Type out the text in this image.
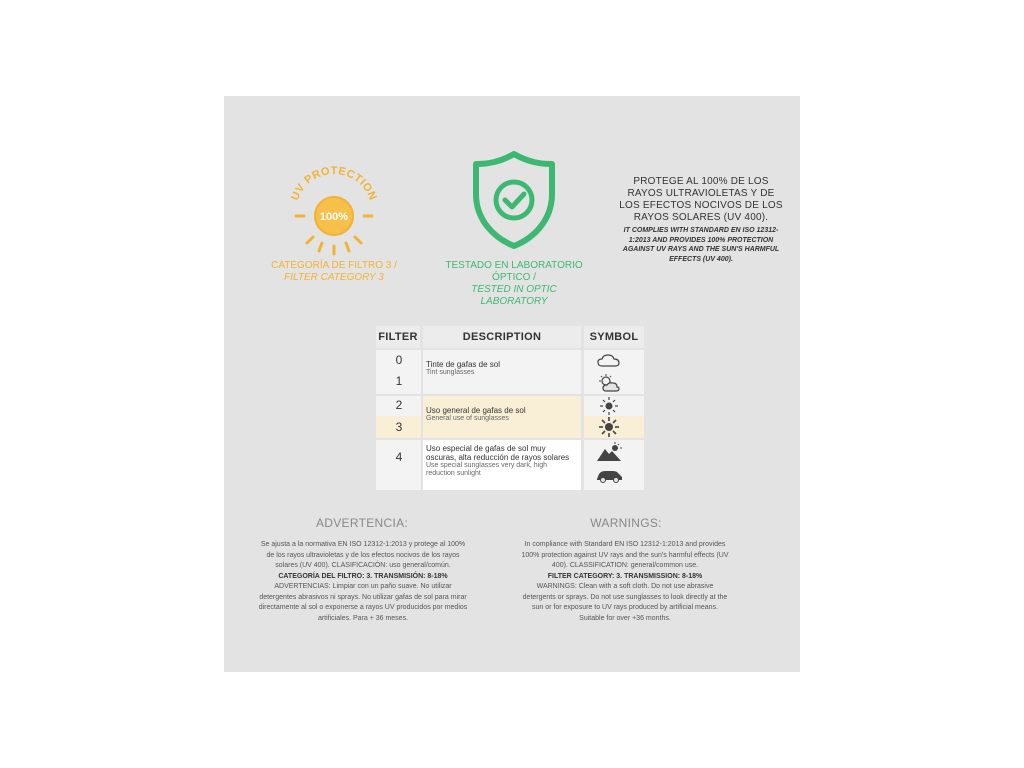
UV PROTECTION
100%
CATEGORÍA DE FILTRO 3 /
FILTER CATEGORY 3
TESTADO EN LABORATORIO ÓPTICO /
TESTED IN OPTIC LABORATORY
PROTEGE AL 100% DE LOS RAYOS ULTRAVIOLETAS Y DE LOS EFECTOS NOCIVOS DE LOS RAYOS SOLARES (UV 400).
IT COMPLIES WITH STANDARD EN ISO 12312-1:2013 AND PROVIDES 100% PROTECTION AGAINST UV RAYS AND THE SUN'S HARMFUL EFFECTS (UV 400).
FILTER	DESCRIPTION	SYMBOL
0
1
2
3
4
Tinte de gafas de sol
Tint sunglasses
Uso general de gafas de sol
General use of sunglasses
Uso especial de gafas de sol muy oscuras, alta reducción de rayos solares
Use special sunglasses very dark, high reduction sunlight
ADVERTENCIA:
Se ajusta a la normativa EN ISO 12312-1:2013 y protege al 100% de los rayos ultravioletas y de los efectos nocivos de los rayos solares (UV 400). CLASIFICACIÓN: uso general/común.
CATEGORÍA DEL FILTRO: 3. TRANSMISIÓN: 8-18%
ADVERTENCIAS: Limpiar con un paño suave. No utilizar detergentes abrasivos ni sprays. No utilizar gafas de sol para mirar directamente al sol o exponerse a rayos UV producidos por medios artificiales. Para + 36 meses.
WARNINGS:
In compliance with Standard EN ISO 12312-1:2013 and provides 100% protection against UV rays and the sun's harmful effects (UV 400). CLASSIFICATION: general/common use.
FILTER CATEGORY: 3. TRANSMISSION: 8-18%
WARNINGS: Clean with a soft cloth. Do not use abrasive detergents or sprays. Do not use sunglasses to look directly at the sun or for exposure to UV rays produced by artificial means. Suitable for over +36 months.
